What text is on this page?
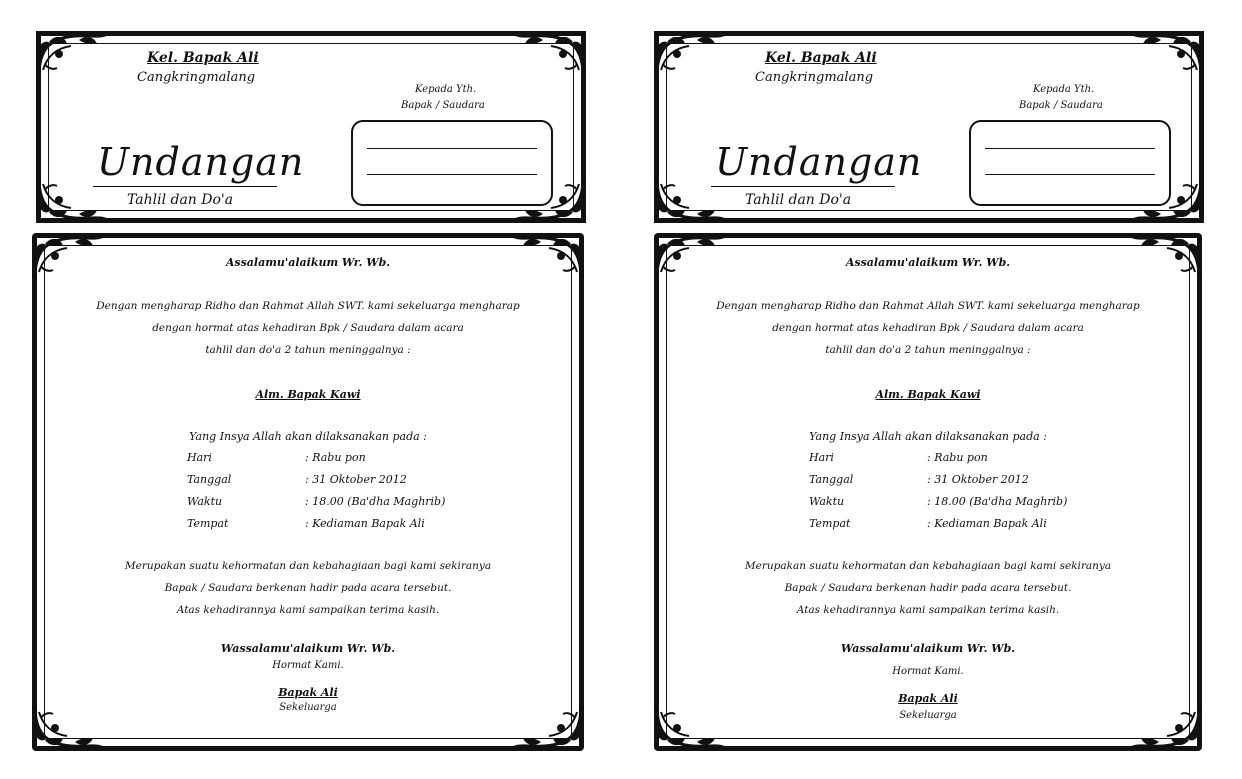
Kel. Bapak Ali
Cangkringmalang
Kepada Yth.
Bapak / Saudara
Undangan
Tahlil dan Do'a
Assalamu'alaikum Wr. Wb.
Dengan mengharap Ridho dan Rahmat Allah SWT. kami sekeluarga mengharap
dengan hormat atas kehadiran Bpk / Saudara dalam acara
tahlil dan do'a 2 tahun meninggalnya :
Alm. Bapak Kawi
Yang Insya Allah akan dilaksanakan pada :
Hari	: Rabu pon
Tanggal	: 31 Oktober 2012
Waktu	: 18.00 (Ba'dha Maghrib)
Tempat	: Kediaman Bapak Ali
Merupakan suatu kehormatan dan kebahagiaan bagi kami sekiranya
Bapak / Saudara berkenan hadir pada acara tersebut.
Atas kehadirannya kami sampaikan terima kasih.
Wassalamu'alaikum Wr. Wb.
Hormat Kami.
Bapak Ali
Sekeluarga
Kel. Bapak Ali
Cangkringmalang
Kepada Yth.
Bapak / Saudara
Undangan
Tahlil dan Do'a
Assalamu'alaikum Wr. Wb.
Dengan mengharap Ridho dan Rahmat Allah SWT. kami sekeluarga mengharap
dengan hormat atas kehadiran Bpk / Saudara dalam acara
tahlil dan do'a 2 tahun meninggalnya :
Alm. Bapak Kawi
Yang Insya Allah akan dilaksanakan pada :
Hari	: Rabu pon
Tanggal	: 31 Oktober 2012
Waktu	: 18.00 (Ba'dha Maghrib)
Tempat	: Kediaman Bapak Ali
Merupakan suatu kehormatan dan kebahagiaan bagi kami sekiranya
Bapak / Saudara berkenan hadir pada acara tersebut.
Atas kehadirannya kami sampaikan terima kasih.
Wassalamu'alaikum Wr. Wb.
Hormat Kami.
Bapak Ali
Sekeluarga
